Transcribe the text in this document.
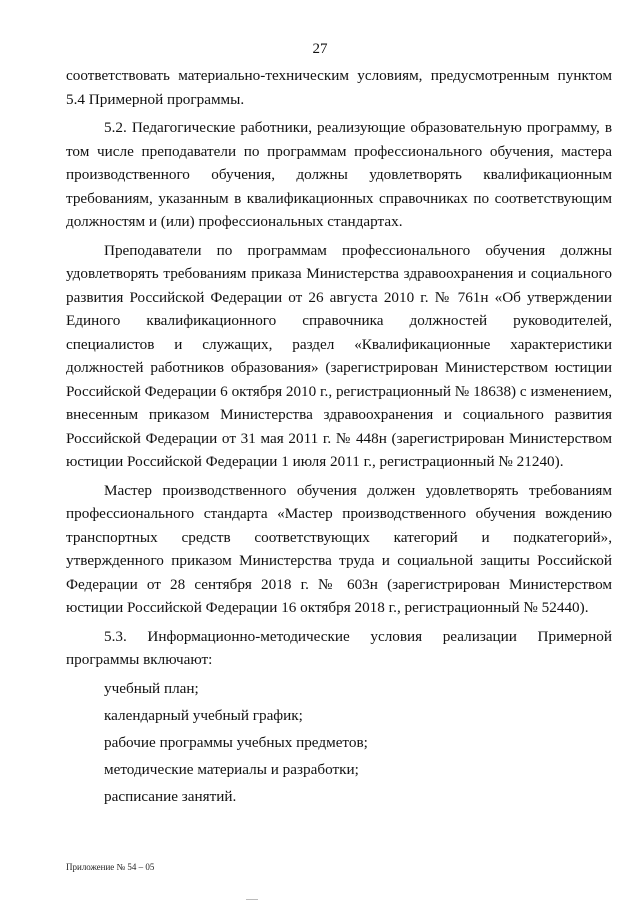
27

соответствовать материально-техническим условиям, предусмотренным пунктом 5.4 Примерной программы.

5.2. Педагогические работники, реализующие образовательную программу, в том числе преподаватели по программам профессионального обучения, мастера производственного обучения, должны удовлетворять квалификационным требованиям, указанным в квалификационных справочниках по соответствующим должностям и (или) профессиональных стандартах.

Преподаватели по программам профессионального обучения должны удовлетворять требованиям приказа Министерства здравоохранения и социального развития Российской Федерации от 26 августа 2010 г. № 761н «Об утверждении Единого квалификационного справочника должностей руководителей, специалистов и служащих, раздел «Квалификационные характеристики должностей работников образования» (зарегистрирован Министерством юстиции Российской Федерации 6 октября 2010 г., регистрационный № 18638) с изменением, внесенным приказом Министерства здравоохранения и социального развития Российской Федерации от 31 мая 2011 г. № 448н (зарегистрирован Министерством юстиции Российской Федерации 1 июля 2011 г., регистрационный № 21240).

Мастер производственного обучения должен удовлетворять требованиям профессионального стандарта «Мастер производственного обучения вождению транспортных средств соответствующих категорий и подкатегорий», утвержденного приказом Министерства труда и социальной защиты Российской Федерации от 28 сентября 2018 г. № 603н (зарегистрирован Министерством юстиции Российской Федерации 16 октября 2018 г., регистрационный № 52440).

5.3. Информационно-методические условия реализации Примерной программы включают:

учебный план;

календарный учебный график;

рабочие программы учебных предметов;

методические материалы и разработки;

расписание занятий.

Приложение № 54 – 05
